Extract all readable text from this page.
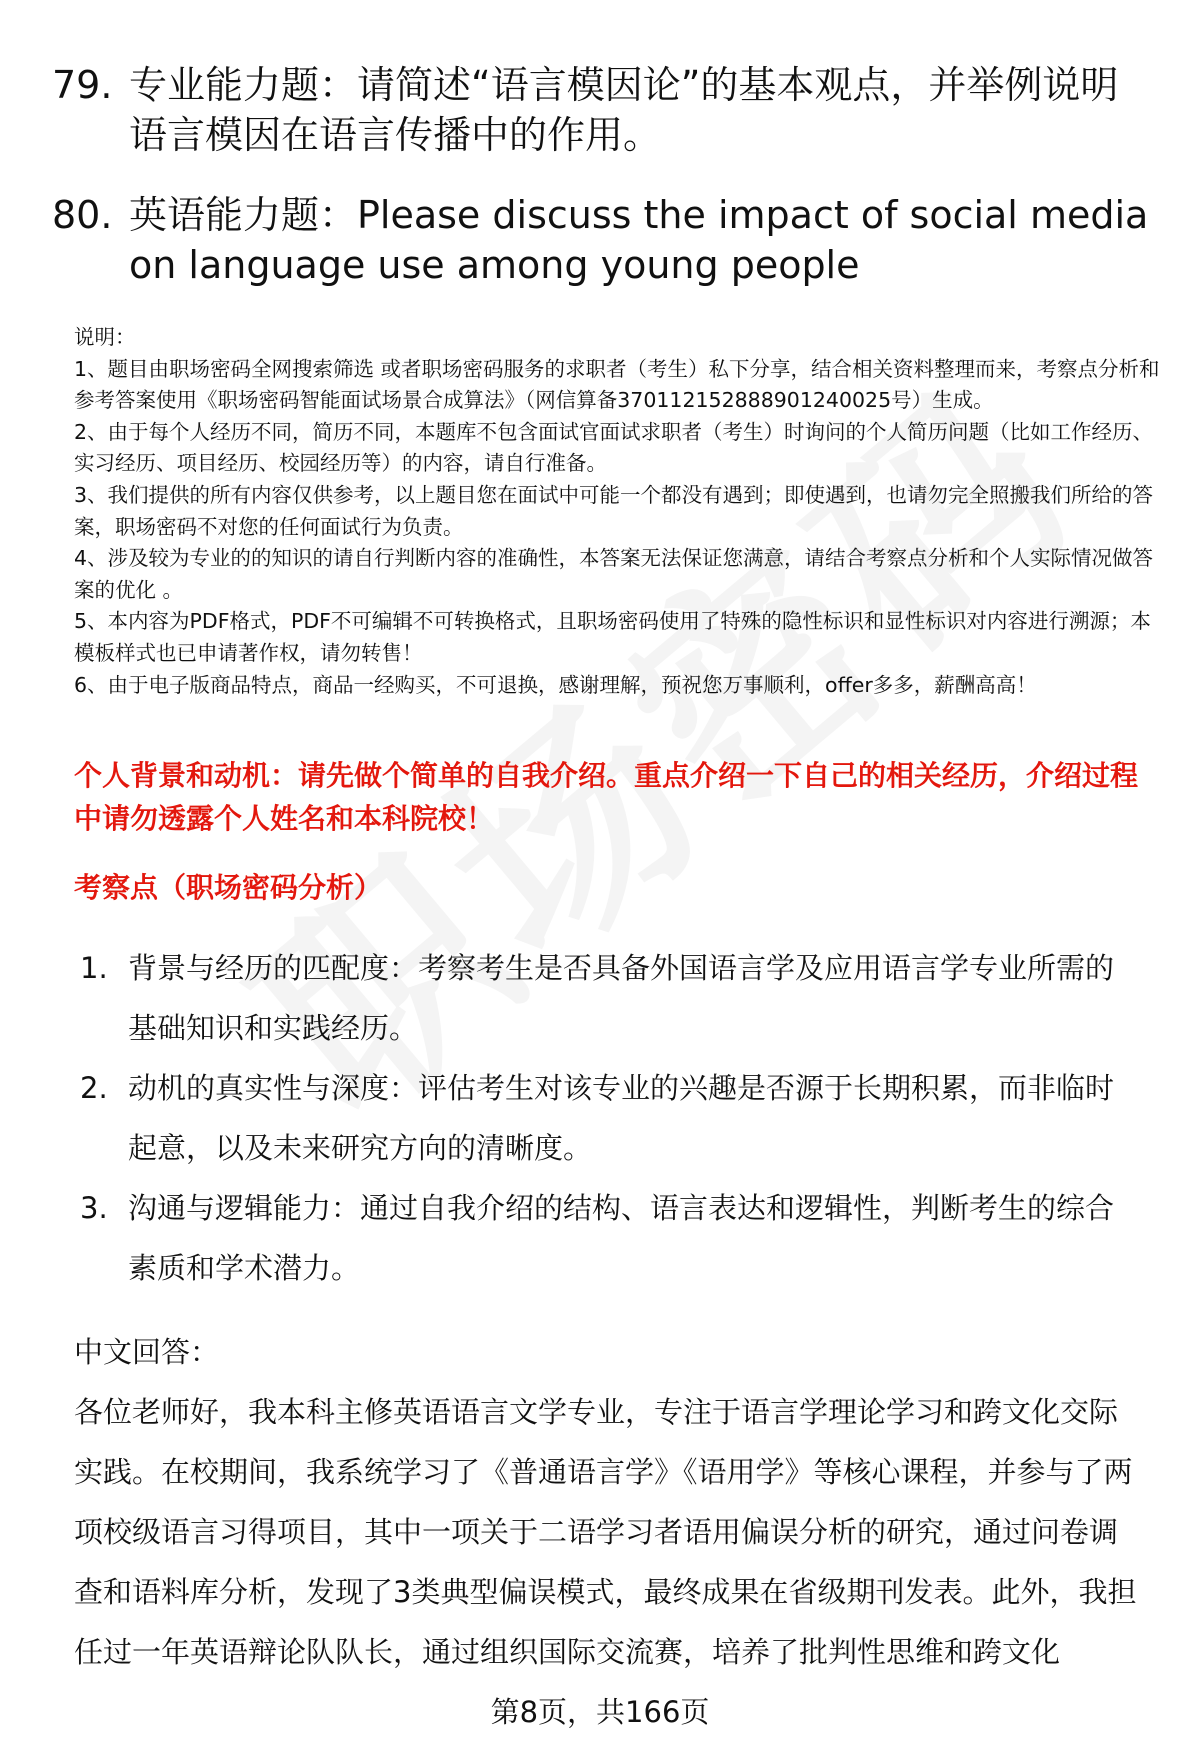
79. 专业能力题：请简述“语言模因论”的基本观点，并举例说明语言模因在语言传播中的作用。
80. 英语能力题：Please discuss the impact of social media on language use among young people

说明：

1、题目由职场密码全网搜索筛选 或者职场密码服务的求职者（考生）私下分享，结合相关资料整理而来，考察点分析和参考答案使用《职场密码智能面试场景合成算法》（网信算备370112152888901240025号）生成。

2、由于每个人经历不同，简历不同，本题库不包含面试官面试求职者（考生）时询问的个人简历问题（比如工作经历、实习经历、项目经历、校园经历等）的内容，请自行准备。

3、我们提供的所有内容仅供参考，以上题目您在面试中可能一个都没有遇到；即使遇到，也请勿完全照搬我们所给的答案，职场密码不对您的任何面试行为负责。

4、涉及较为专业的的知识的请自行判断内容的准确性，本答案无法保证您满意，请结合考察点分析和个人实际情况做答案的优化 。

5、本内容为PDF格式，PDF不可编辑不可转换格式，且职场密码使用了特殊的隐性标识和显性标识对内容进行溯源；本模板样式也已申请著作权，请勿转售！

6、由于电子版商品特点，商品一经购买，不可退换，感谢理解，预祝您万事顺利，offer多多，薪酬高高！

个人背景和动机：请先做个简单的自我介绍。重点介绍一下自己的相关经历，介绍过程中请勿透露个人姓名和本科院校！
考察点（职场密码分析）
1. 背景与经历的匹配度：考察考生是否具备外国语言学及应用语言学专业所需的基础知识和实践经历。
2. 动机的真实性与深度：评估考生对该专业的兴趣是否源于长期积累，而非临时起意，以及未来研究方向的清晰度。
3. 沟通与逻辑能力：通过自我介绍的结构、语言表达和逻辑性，判断考生的综合素质和学术潜力。

中文回答：

各位老师好，我本科主修英语语言文学专业，专注于语言学理论学习和跨文化交际实践。在校期间，我系统学习了《普通语言学》《语用学》等核心课程，并参与了两项校级语言习得项目，其中一项关于二语学习者语用偏误分析的研究，通过问卷调查和语料库分析，发现了3类典型偏误模式，最终成果在省级期刊发表。此外，我担任过一年英语辩论队队长，通过组织国际交流赛，培养了批判性思维和跨文化

第8页，共166页
